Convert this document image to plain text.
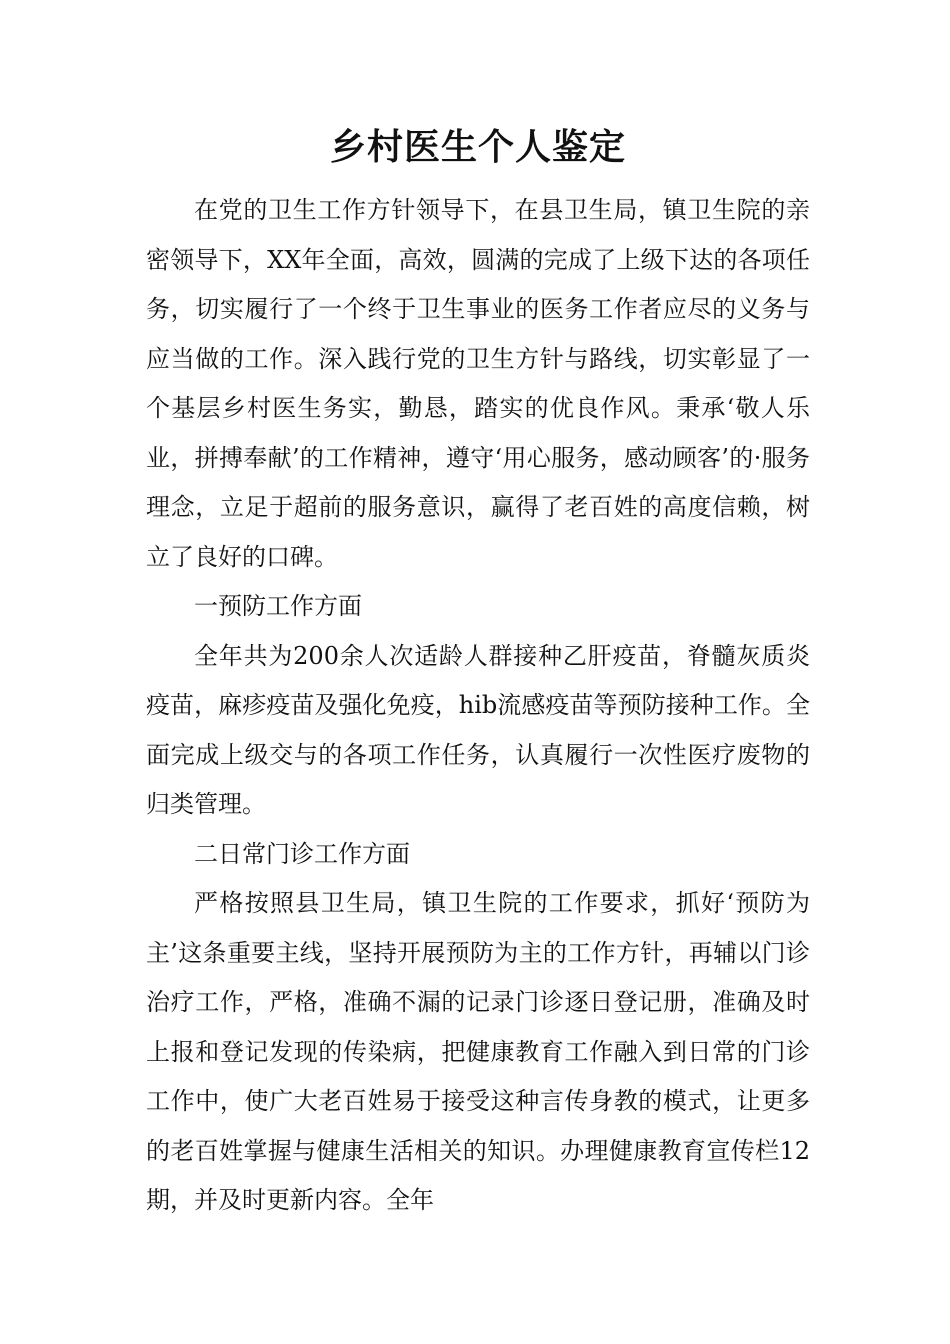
乡村医生个人鉴定

在党的卫生工作方针领导下，在县卫生局，镇卫生院的亲密领导下，XX年全面，高效，圆满的完成了上级下达的各项任务，切实履行了一个终于卫生事业的医务工作者应尽的义务与应当做的工作。深入践行党的卫生方针与路线，切实彰显了一个基层乡村医生务实，勤恳，踏实的优良作风。秉承‘敬人乐业，拼搏奉献’的工作精神，遵守‘用心服务，感动顾客’的·服务理念，立足于超前的服务意识，赢得了老百姓的高度信赖，树立了良好的口碑。

一预防工作方面

全年共为200余人次适龄人群接种乙肝疫苗，脊髓灰质炎疫苗，麻疹疫苗及强化免疫，hib流感疫苗等预防接种工作。全面完成上级交与的各项工作任务，认真履行一次性医疗废物的归类管理。

二日常门诊工作方面

严格按照县卫生局，镇卫生院的工作要求，抓好‘预防为主’这条重要主线，坚持开展预防为主的工作方针，再辅以门诊治疗工作，严格，准确不漏的记录门诊逐日登记册，准确及时上报和登记发现的传染病，把健康教育工作融入到日常的门诊工作中，使广大老百姓易于接受这种言传身教的模式，让更多的老百姓掌握与健康生活相关的知识。办理健康教育宣传栏12期，并及时更新内容。全年
